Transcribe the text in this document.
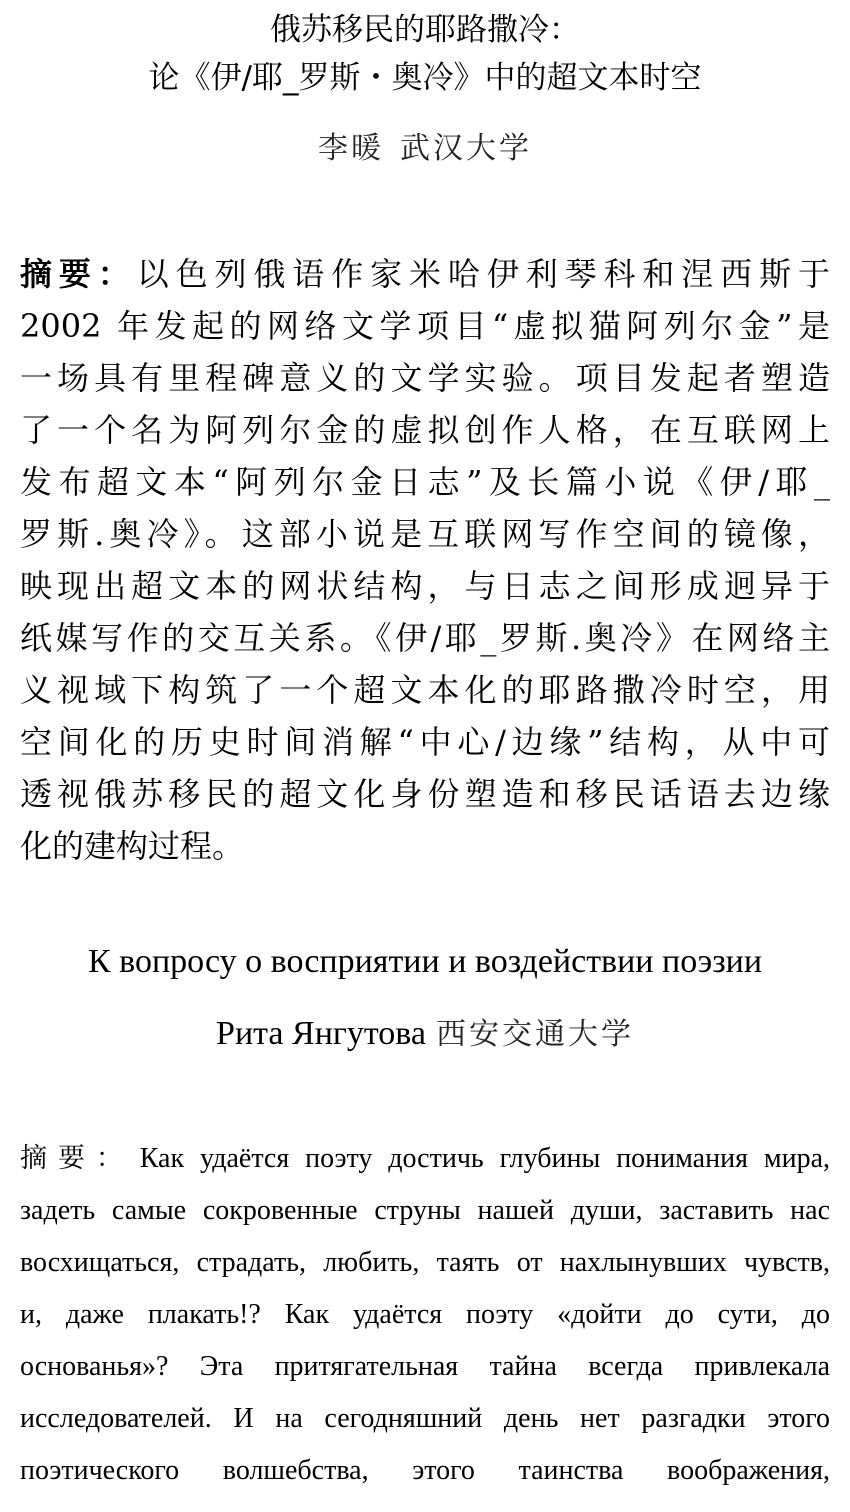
俄苏移民的耶路撒冷：
论《伊/耶_罗斯・奥冷》中的超文本时空
李暖 武汉大学
摘要：以色列俄语作家米哈伊利琴科和涅西斯于
2002 年发起的网络文学项目“虚拟猫阿列尔金”是
一场具有里程碑意义的文学实验。项目发起者塑造
了一个名为阿列尔金的虚拟创作人格，在互联网上
发布超文本“阿列尔金日志”及长篇小说《伊/耶_
罗斯.奥冷》。这部小说是互联网写作空间的镜像，
映现出超文本的网状结构，与日志之间形成迥异于
纸媒写作的交互关系。《伊/耶_罗斯.奥冷》在网络主
义视域下构筑了一个超文本化的耶路撒冷时空，用
空间化的历史时间消解“中心/边缘”结构，从中可
透视俄苏移民的超文化身份塑造和移民话语去边缘
化的建构过程。
К вопросу о восприятии и воздействии поэзии
Рита Янгутова 西安交通大学
摘要： Как удаётся поэту достичь глубины понимания мира,
задеть самые сокровенные струны нашей души, заставить нас
восхищаться, страдать, любить, таять от нахлынувших чувств,
и, даже плакать!? Как удаётся поэту «дойти до сути, до
основанья»? Эта притягательная тайна всегда привлекала
исследователей. И на сегодняшний день нет разгадки этого
поэтического волшебства, этого таинства воображения,
